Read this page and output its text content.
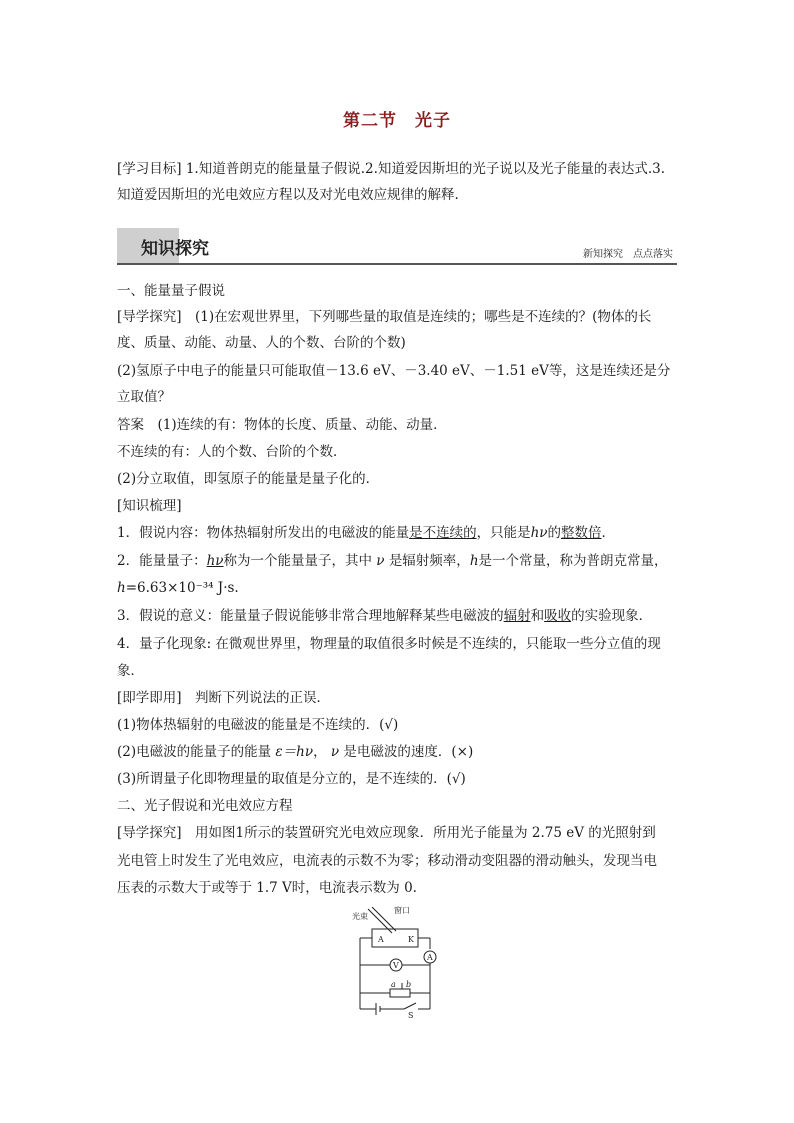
第二节　光子
[学习目标] 1.知道普朗克的能量量子假说.2.知道爱因斯坦的光子说以及光子能量的表达式.3.知道爱因斯坦的光电效应方程以及对光电效应规律的解释.
知识探究	新知探究　点点落实
一、能量量子假说
[导学探究]　(1)在宏观世界里，下列哪些量的取值是连续的；哪些是不连续的？(物体的长
度、质量、动能、动量、人的个数、台阶的个数)
(2)氢原子中电子的能量只可能取值－13.6 eV、－3.40 eV、－1.51 eV等，这是连续还是分
立取值？
答案　(1)连续的有：物体的长度、质量、动能、动量．
不连续的有：人的个数、台阶的个数．
(2)分立取值，即氢原子的能量是量子化的．
[知识梳理]
1．假说内容：物体热辐射所发出的电磁波的能量是不连续的，只能是hν的整数倍．
2．能量量子：hν称为一个能量量子，其中 ν 是辐射频率，h是一个常量，称为普朗克常量，
h=6.63×10⁻³⁴ J·s.
3．假说的意义：能量量子假说能够非常合理地解释某些电磁波的辐射和吸收的实验现象．
4．量子化现象: 在微观世界里，物理量的取值很多时候是不连续的，只能取一些分立值的现
象．
[即学即用]　判断下列说法的正误．
(1)物体热辐射的电磁波的能量是不连续的．(√)
(2)电磁波的能量子的能量 ε＝hν， ν 是电磁波的速度．(×)
(3)所谓量子化即物理量的取值是分立的，是不连续的．(√)
二、光子假说和光电效应方程
[导学探究]　用如图1所示的装置研究光电效应现象．所用光子能量为 2.75 eV 的光照射到
光电管上时发生了光电效应，电流表的示数不为零；移动滑动变阻器的滑动触头，发现当电
压表的示数大于或等于 1.7 V时，电流表示数为 0.
光束
窗口
A	K
V
A
a b
S
